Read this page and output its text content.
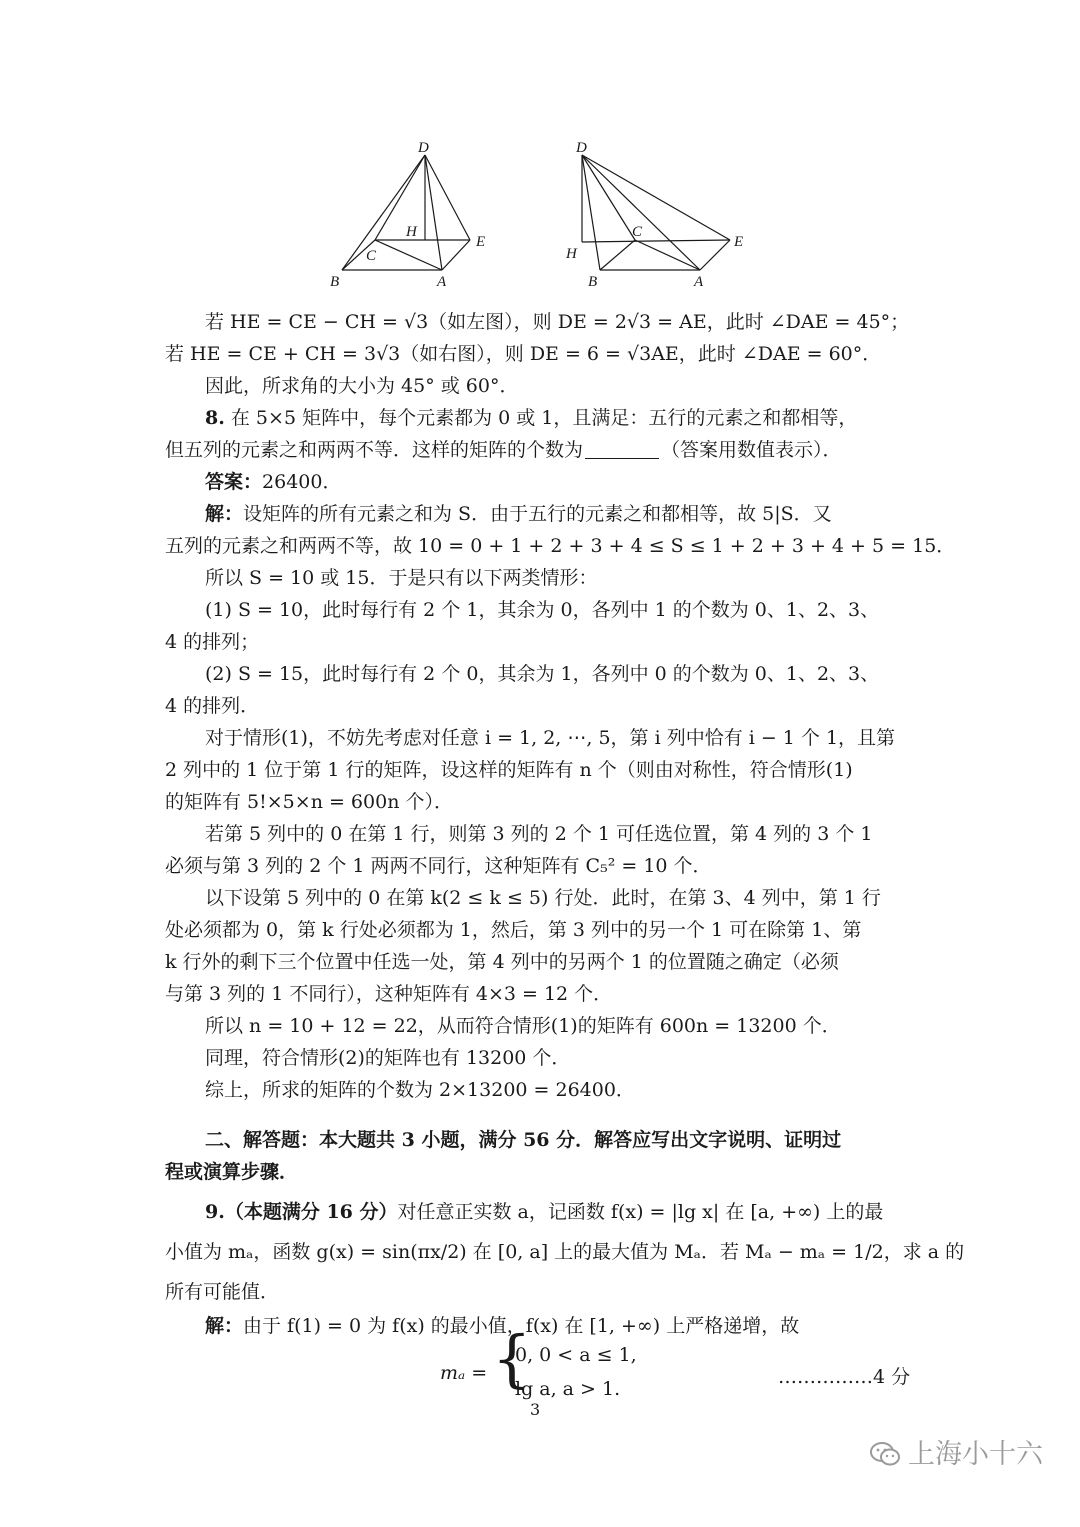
D
H
C
E
B	A
D
C
E
H
B	A
若 HE = CE − CH = √3（如左图），则 DE = 2√3 = AE，此时 ∠DAE = 45°；
若 HE = CE + CH = 3√3（如右图），则 DE = 6 = √3AE，此时 ∠DAE = 60°．
因此，所求角的大小为 45° 或 60°．
8. 在 5×5 矩阵中，每个元素都为 0 或 1，且满足：五行的元素之和都相等，
但五列的元素之和两两不等．这样的矩阵的个数为	（答案用数值表示）．
答案：26400．
解：设矩阵的所有元素之和为 S．由于五行的元素之和都相等，故 5|S．又
五列的元素之和两两不等，故 10 = 0 + 1 + 2 + 3 + 4 ≤ S ≤ 1 + 2 + 3 + 4 + 5 = 15．
所以 S = 10 或 15．于是只有以下两类情形：
(1) S = 10，此时每行有 2 个 1，其余为 0，各列中 1 的个数为 0、1、2、3、
4 的排列；
(2) S = 15，此时每行有 2 个 0，其余为 1，各列中 0 的个数为 0、1、2、3、
4 的排列．
对于情形(1)，不妨先考虑对任意 i = 1, 2, ⋯, 5，第 i 列中恰有 i − 1 个 1，且第
2 列中的 1 位于第 1 行的矩阵，设这样的矩阵有 n 个（则由对称性，符合情形(1)
的矩阵有 5!×5×n = 600n 个）．
若第 5 列中的 0 在第 1 行，则第 3 列的 2 个 1 可任选位置，第 4 列的 3 个 1
必须与第 3 列的 2 个 1 两两不同行，这种矩阵有 C₅² = 10 个．
以下设第 5 列中的 0 在第 k(2 ≤ k ≤ 5) 行处．此时，在第 3、4 列中，第 1 行
处必须都为 0，第 k 行处必须都为 1，然后，第 3 列中的另一个 1 可在除第 1、第
k 行外的剩下三个位置中任选一处，第 4 列中的另两个 1 的位置随之确定（必须
与第 3 列的 1 不同行），这种矩阵有 4×3 = 12 个．
所以 n = 10 + 12 = 22，从而符合情形(1)的矩阵有 600n = 13200 个．
同理，符合情形(2)的矩阵也有 13200 个．
综上，所求的矩阵的个数为 2×13200 = 26400．
二、解答题：本大题共 3 小题，满分 56 分．解答应写出文字说明、证明过
程或演算步骤．
9.（本题满分 16 分）对任意正实数 a，记函数 f(x) = |lg x| 在 [a, +∞) 上的最
小值为 mₐ，函数 g(x) = sin(πx/2) 在 [0, a] 上的最大值为 Mₐ．若 Mₐ − mₐ = 1/2，求 a 的
所有可能值．
解：由于 f(1) = 0 为 f(x) 的最小值，f(x) 在 [1, +∞) 上严格递增，故
mₐ = {
0, 0 < a ≤ 1,
lg a, a > 1.
……………4 分
3
上海小十六
